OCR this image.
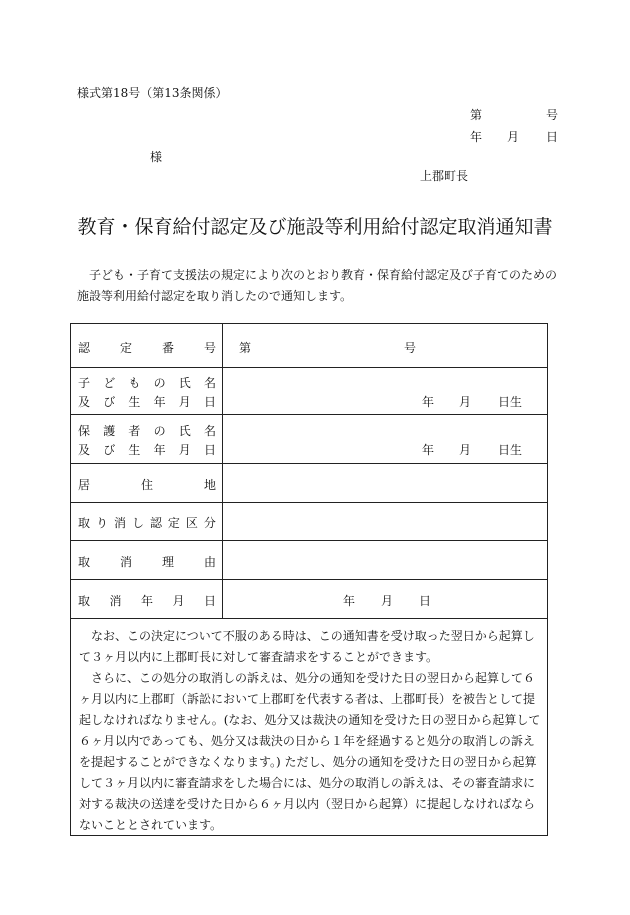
様式第18号（第13条関係）
第	号
年 月 日
様
上郡町長
教育・保育給付認定及び施設等利用給付認定取消通知書
子ども・子育て支援法の規定により次のとおり教育・保育給付認定及び子育てのための施設等利用給付認定を取り消したので通知します。
認 定 番 号 第	号
子 ど も の 氏 名
及 び 生 年 月 日	年 月 日生
保 護 者 の 氏 名
及 び 生 年 月 日	年 月 日生
居	住	地
取 り 消 し 認 定 区 分
取 消 理 由
取 消 年 月 日	年 月 日

なお、この決定について不服のある時は、この通知書を受け取った翌日から起算して３ヶ月以内に上郡町長に対して審査請求をすることができます。

さらに、この処分の取消しの訴えは、処分の通知を受けた日の翌日から起算して６ヶ月以内に上郡町（訴訟において上郡町を代表する者は、上郡町長）を被告として提起しなければなりません。(なお、処分又は裁決の通知を受けた日の翌日から起算して６ヶ月以内であっても、処分又は裁決の日から１年を経過すると処分の取消しの訴えを提起することができなくなります。) ただし、処分の通知を受けた日の翌日から起算して３ヶ月以内に審査請求をした場合には、処分の取消しの訴えは、その審査請求に対する裁決の送達を受けた日から６ヶ月以内（翌日から起算）に提起しなければならないこととされています。
